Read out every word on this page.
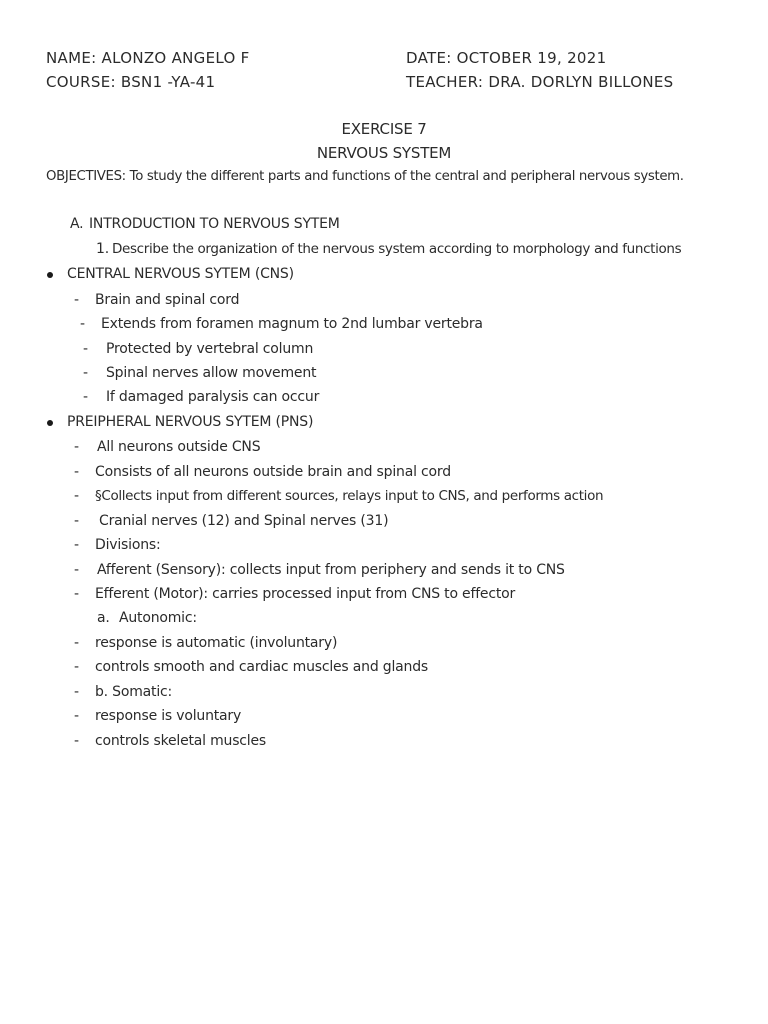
NAME: ALONZO ANGELO F
COURSE: BSN1 -YA-41
DATE: OCTOBER 19, 2021
TEACHER: DRA. DORLYN BILLONES
EXERCISE 7
NERVOUS SYSTEM
OBJECTIVES: To study the different parts and functions of the central and peripheral nervous system.
A. INTRODUCTION TO NERVOUS SYTEM
1. Describe the organization of the nervous system according to morphology and functions
CENTRAL NERVOUS SYTEM (CNS)
- Brain and spinal cord
- Extends from foramen magnum to 2nd lumbar vertebra
- Protected by vertebral column
- Spinal nerves allow movement
- If damaged paralysis can occur
PREIPHERAL NERVOUS SYTEM (PNS)
- All neurons outside CNS
- Consists of all neurons outside brain and spinal cord
- §Collects input from different sources, relays input to CNS, and performs action
- Cranial nerves (12) and Spinal nerves (31)
- Divisions:
- Afferent (Sensory): collects input from periphery and sends it to CNS
- Efferent (Motor): carries processed input from CNS to effector
a. Autonomic:
- response is automatic (involuntary)
- controls smooth and cardiac muscles and glands
- b. Somatic:
- response is voluntary
- controls skeletal muscles
